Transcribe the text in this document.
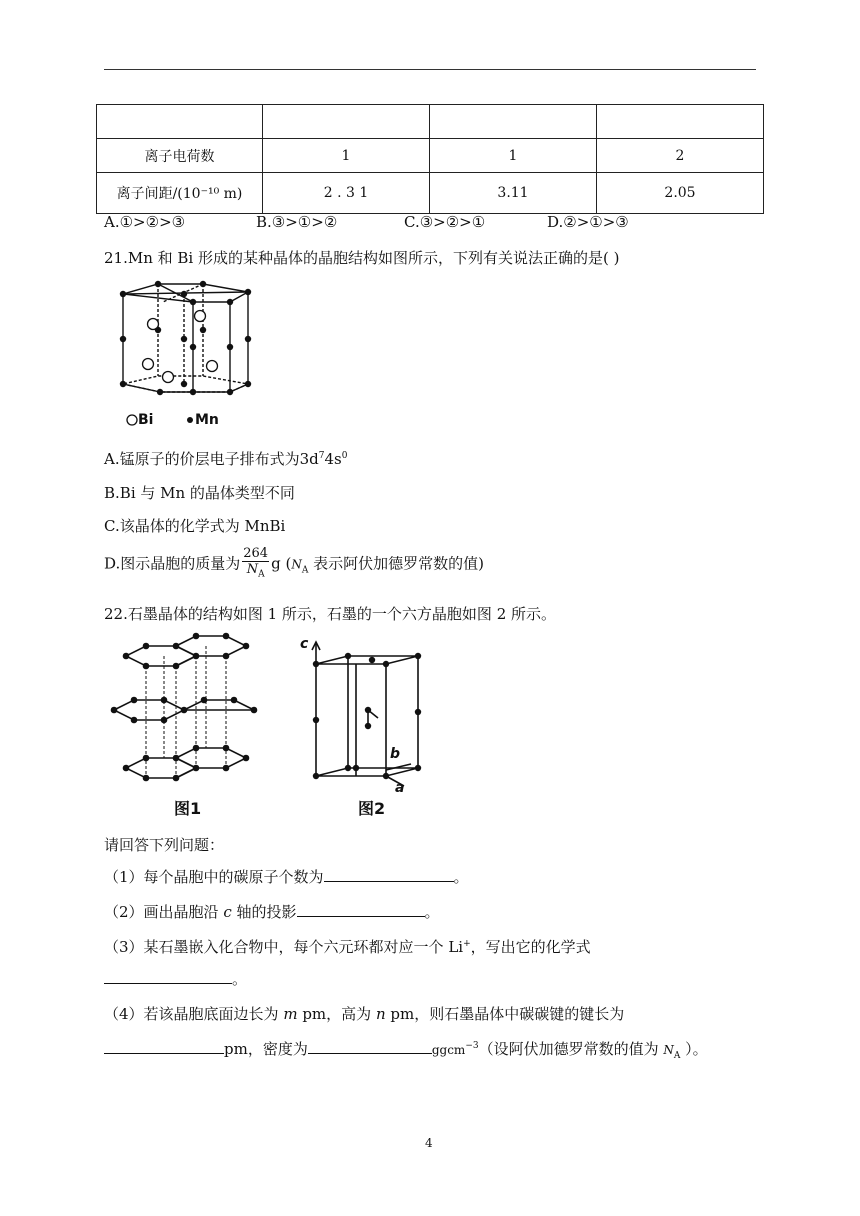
离子电荷数	1	1	2
离子间距/(10⁻¹⁰ m)	2 . 3 1	3.11	2.05
A.①>②>③	B.③>①>②	C.③>②>①	D.②>①>③
21.Mn 和 Bi 形成的某种晶体的晶胞结构如图所示，下列有关说法正确的是( )
Bi	Mn
A.锰原子的价层电子排布式为$3d^74s^0$
B.Bi 与 Mn 的晶体类型不同
C.该晶体的化学式为 MnBi
D.图示晶胞的质量为 $\frac{264}{N_A}$ g ($N_A$ 表示阿伏加德罗常数的值)
22.石墨晶体的结构如图 1 所示，石墨的一个六方晶胞如图 2 所示。
图1
c
b
a
图2
请回答下列问题：
（1）每个晶胞中的碳原子个数为	。
（2）画出晶胞沿 c 轴的投影	。
（3）某石墨嵌入化合物中，每个六元环都对应一个 Li+，写出它的化学式
。
（4）若该晶胞底面边长为 m pm，高为 n pm，则石墨晶体中碳碳键的键长为
pm，密度为	ggcm$^{-3}$（设阿伏加德罗常数的值为 $N_A$ ）。
4
